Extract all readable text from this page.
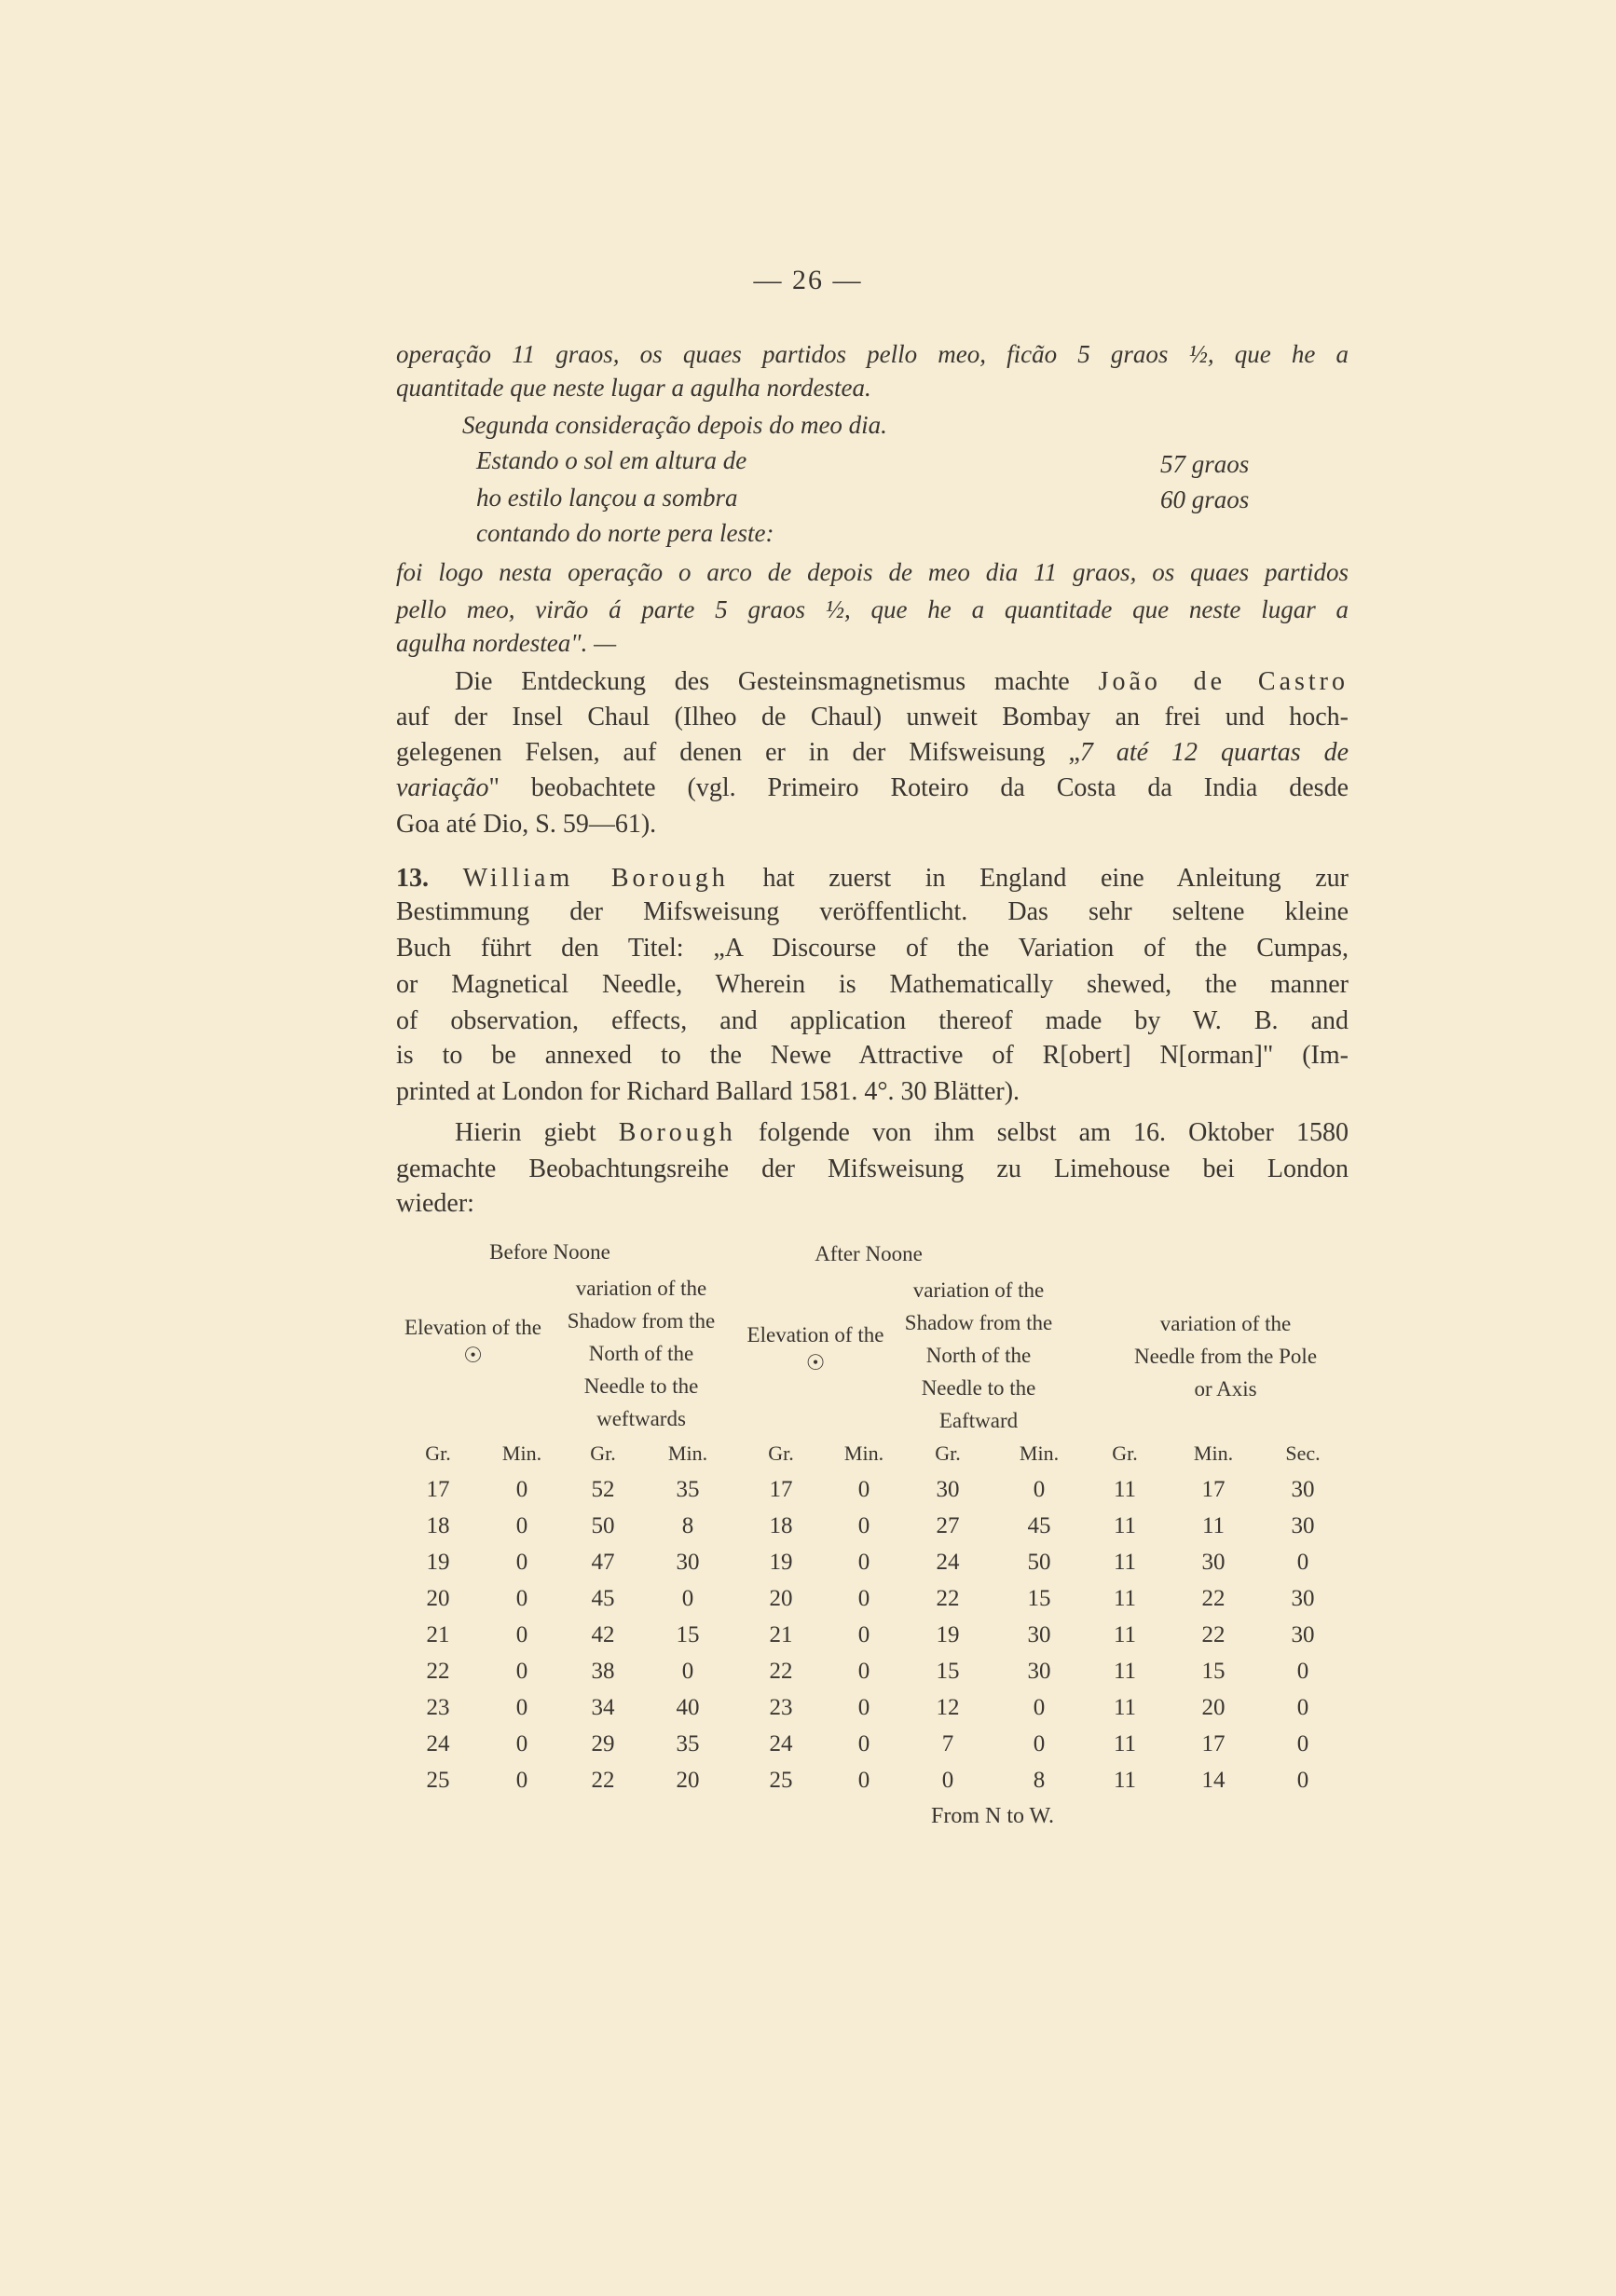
— 26 —
operação 11 graos, os quaes partidos pello meo, ficão 5 graos ½, que he a
quantitade que neste lugar a agulha nordestea.
Segunda consideração depois do meo dia.
Estando o sol em altura de	57 graos
ho estilo lançou a sombra	60 graos
contando do norte pera leste:
foi logo nesta operação o arco de depois de meo dia 11 graos, os quaes partidos
pello meo, virão á parte 5 graos ½, que he a quantitade que neste lugar a
agulha nordestea". —
Die Entdeckung des Gesteinsmagnetismus machte João de Castro
auf der Insel Chaul (Ilheo de Chaul) unweit Bombay an frei und hoch-
gelegenen Felsen, auf denen er in der Mifsweisung „7 até 12 quartas de
variação" beobachtete (vgl. Primeiro Roteiro da Costa da India desde
Goa até Dio, S. 59—61).
13. William Borough hat zuerst in England eine Anleitung zur
Bestimmung der Mifsweisung veröffentlicht. Das sehr seltene kleine
Buch führt den Titel: „A Discourse of the Variation of the Cumpas,
or Magnetical Needle, Wherein is Mathematically shewed, the manner
of observation, effects, and application thereof made by W. B. and
is to be annexed to the Newe Attractive of R[obert] N[orman]" (Im-
printed at London for Richard Ballard 1581. 4°. 30 Blätter).
Hierin giebt Borough folgende von ihm selbst am 16. Oktober 1580
gemachte Beobachtungsreihe der Mifsweisung zu Limehouse bei London
wieder:
Before Noone	After Noone
Elevation of the ☉
Elevation of the ☉
variation of the
Shadow from the
North of the
Needle to the
weftwards
variation of the
Shadow from the
North of the
Needle to the
Eaftward
variation of the
Needle from the Pole
or Axis
Gr.	Min.	Gr.	Min.	Gr.	Min.	Gr.	Min.	Gr.	Min.	Sec.
17	0	52	35	17	0	30	0	11	17	30
18	0	50	8	18	0	27	45	11	11	30
19	0	47	30	19	0	24	50	11	30	0
20	0	45	0	20	0	22	15	11	22	30
21	0	42	15	21	0	19	30	11	22	30
22	0	38	0	22	0	15	30	11	15	0
23	0	34	40	23	0	12	0	11	20	0
24	0	29	35	24	0	7	0	11	17	0
25	0	22	20	25	0	0	8	11	14	0
From N to W.
